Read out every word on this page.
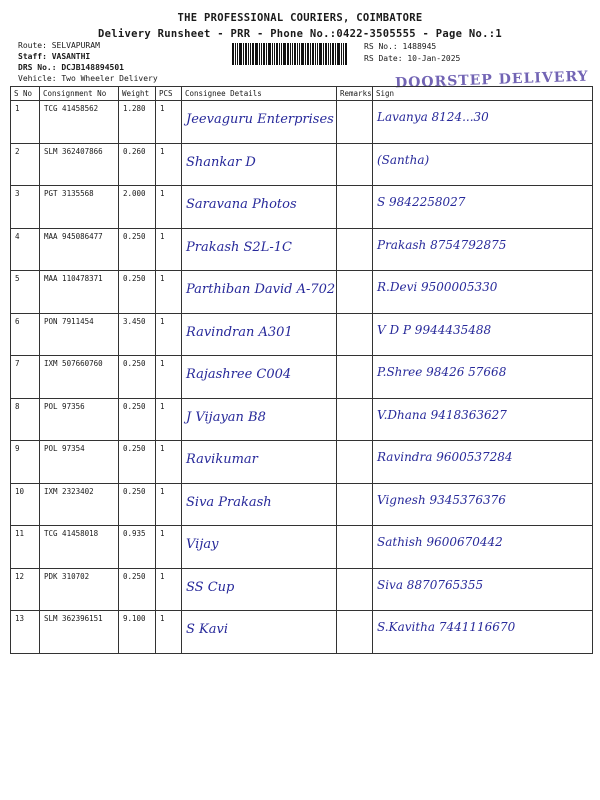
THE PROFESSIONAL COURIERS, COIMBATORE
Delivery Runsheet - PRR - Phone No.:0422-3505555 - Page No.:1
Route: SELVAPURAM
Staff: VASANTHI
DRS No.: DCJB148894501
Vehicle: Two Wheeler Delivery
RS No.: 1488945
RS Date: 10-Jan-2025
DOORSTEP DELIVERY
S No	Consignment No	Weight	PCS	Consignee Details	Remarks	Sign
1	TCG 41458562	1.280	1	Jeevaguru Enterprises		Lavanya 8124...30

2	SLM 362407866	0.260	1	Shankar D		(Santha)

3	PGT 3135568	2.000	1	Saravana Photos		S 9842258027

4	MAA 945086477	0.250	1	Prakash S2L-1C		Prakash 8754792875

5	MAA 110478371	0.250	1	Parthiban David A-702		R.Devi 9500005330

6	PON 7911454	3.450	1	Ravindran A301		V D P 9944435488

7	IXM 507660760	0.250	1	Rajashree C004		P.Shree 98426 57668

8	POL 97356	0.250	1	J Vijayan B8		V.Dhana 9418363627

9	POL 97354	0.250	1	Ravikumar		Ravindra 9600537284

10	IXM 2323402	0.250	1	Siva Prakash		Vignesh 9345376376

11	TCG 41458018	0.935	1	Vijay		Sathish 9600670442

12	PDK 310702	0.250	1	SS Cup		Siva 8870765355

13	SLM 362396151	9.100	1	S Kavi		S.Kavitha 7441116670
